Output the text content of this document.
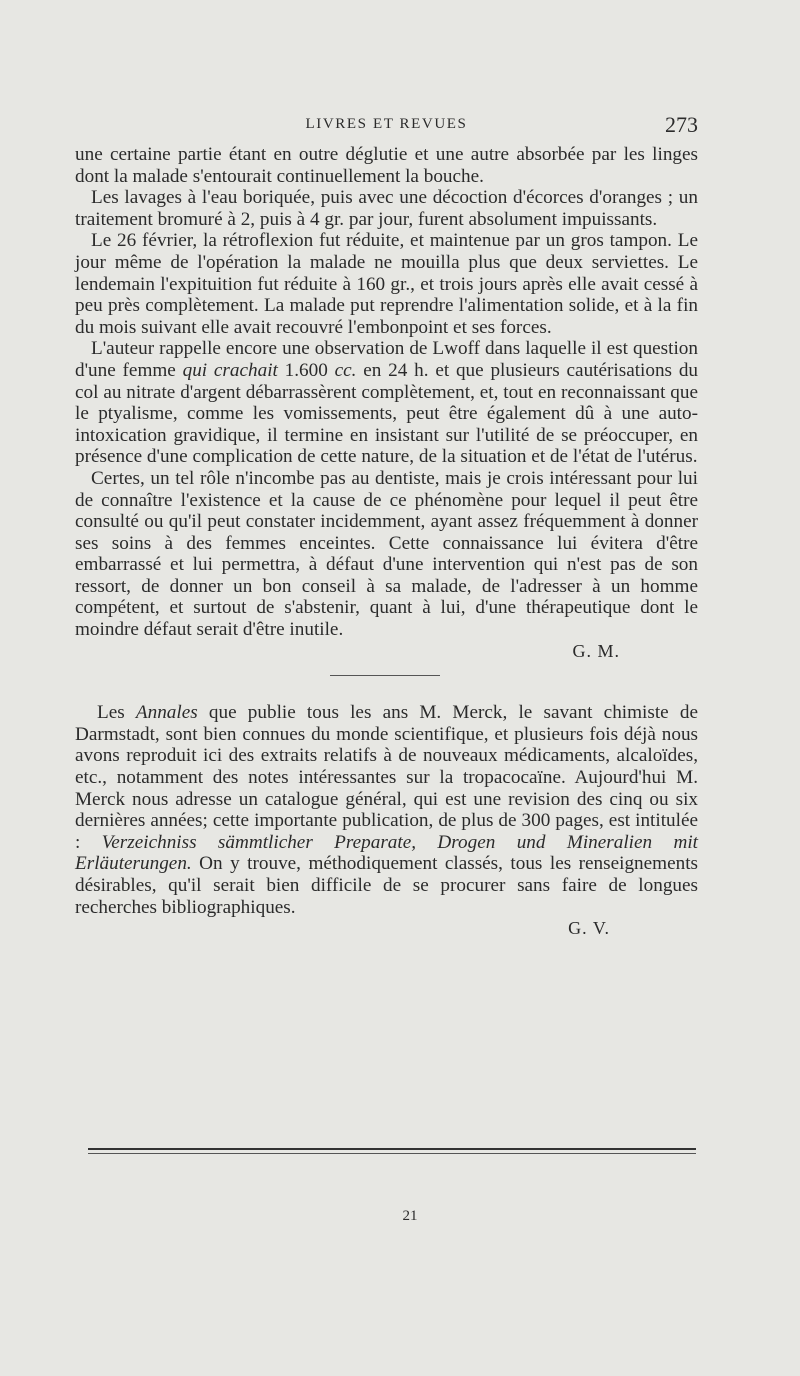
LIVRES ET REVUES	273

une certaine partie étant en outre déglutie et une autre absorbée par les linges dont la malade s'entourait continuellement la bouche.

Les lavages à l'eau boriquée, puis avec une décoction d'écorces d'oranges ; un traitement bromuré à 2, puis à 4 gr. par jour, furent absolument impuissants.

Le 26 février, la rétroflexion fut réduite, et maintenue par un gros tampon. Le jour même de l'opération la malade ne mouilla plus que deux serviettes. Le lendemain l'expituition fut réduite à 160 gr., et trois jours après elle avait cessé à peu près complètement. La malade put reprendre l'alimentation solide, et à la fin du mois suivant elle avait recouvré l'embonpoint et ses forces.

L'auteur rappelle encore une observation de Lwoff dans laquelle il est question d'une femme qui crachait 1.600 cc. en 24 h. et que plusieurs cautérisations du col au nitrate d'argent débarrassèrent complètement, et, tout en reconnaissant que le ptyalisme, comme les vomissements, peut être également dû à une auto-intoxication gravidique, il termine en insistant sur l'utilité de se préoccuper, en présence d'une complication de cette nature, de la situation et de l'état de l'utérus.

Certes, un tel rôle n'incombe pas au dentiste, mais je crois intéressant pour lui de connaître l'existence et la cause de ce phénomène pour lequel il peut être consulté ou qu'il peut constater incidemment, ayant assez fréquemment à donner ses soins à des femmes enceintes. Cette connaissance lui évitera d'être embarrassé et lui permettra, à défaut d'une intervention qui n'est pas de son ressort, de donner un bon conseil à sa malade, de l'adresser à un homme compétent, et surtout de s'abstenir, quant à lui, d'une thérapeutique dont le moindre défaut serait d'être inutile.

G. M.

Les Annales que publie tous les ans M. Merck, le savant chimiste de Darmstadt, sont bien connues du monde scientifique, et plusieurs fois déjà nous avons reproduit ici des extraits relatifs à de nouveaux médicaments, alcaloïdes, etc., notamment des notes intéressantes sur la tropacocaïne. Aujourd'hui M. Merck nous adresse un catalogue général, qui est une revision des cinq ou six dernières années; cette importante publication, de plus de 300 pages, est intitulée : Verzeichniss sämmtlicher Preparate, Drogen und Mineralien mit Erläuterungen. On y trouve, méthodiquement classés, tous les renseignements désirables, qu'il serait bien difficile de se procurer sans faire de longues recherches bibliographiques.

G. V.

21
